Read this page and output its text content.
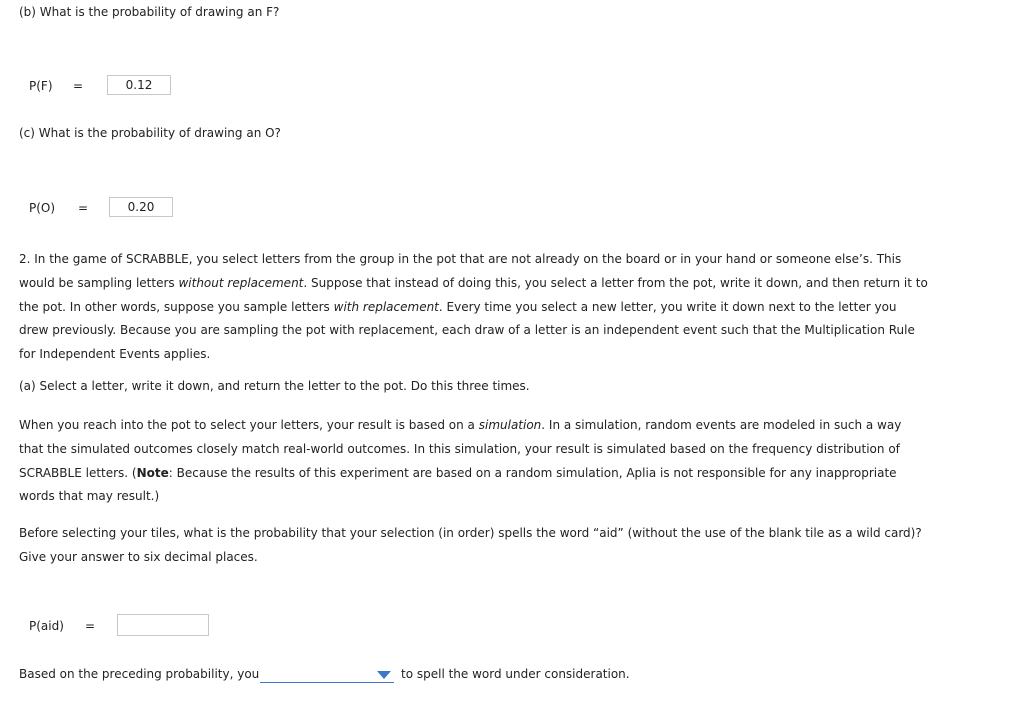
(b) What is the probability of drawing an F?
P(F) =	0.12
(c) What is the probability of drawing an O?
P(O) =	0.20

2. In the game of SCRABBLE, you select letters from the group in the pot that are not already on the board or in your hand or someone else’s. This

would be sampling letters without replacement. Suppose that instead of doing this, you select a letter from the pot, write it down, and then return it to

the pot. In other words, suppose you sample letters with replacement. Every time you select a new letter, you write it down next to the letter you

drew previously. Because you are sampling the pot with replacement, each draw of a letter is an independent event such that the Multiplication Rule

for Independent Events applies.

(a) Select a letter, write it down, and return the letter to the pot. Do this three times.

When you reach into the pot to select your letters, your result is based on a simulation. In a simulation, random events are modeled in such a way

that the simulated outcomes closely match real-world outcomes. In this simulation, your result is simulated based on the frequency distribution of

SCRABBLE letters. (Note: Because the results of this experiment are based on a random simulation, Aplia is not responsible for any inappropriate

words that may result.)

Before selecting your tiles, what is the probability that your selection (in order) spells the word “aid” (without the use of the blank tile as a wild card)?

Give your answer to six decimal places.

P(aid) =
Based on the preceding probability, you	to spell the word under consideration.
